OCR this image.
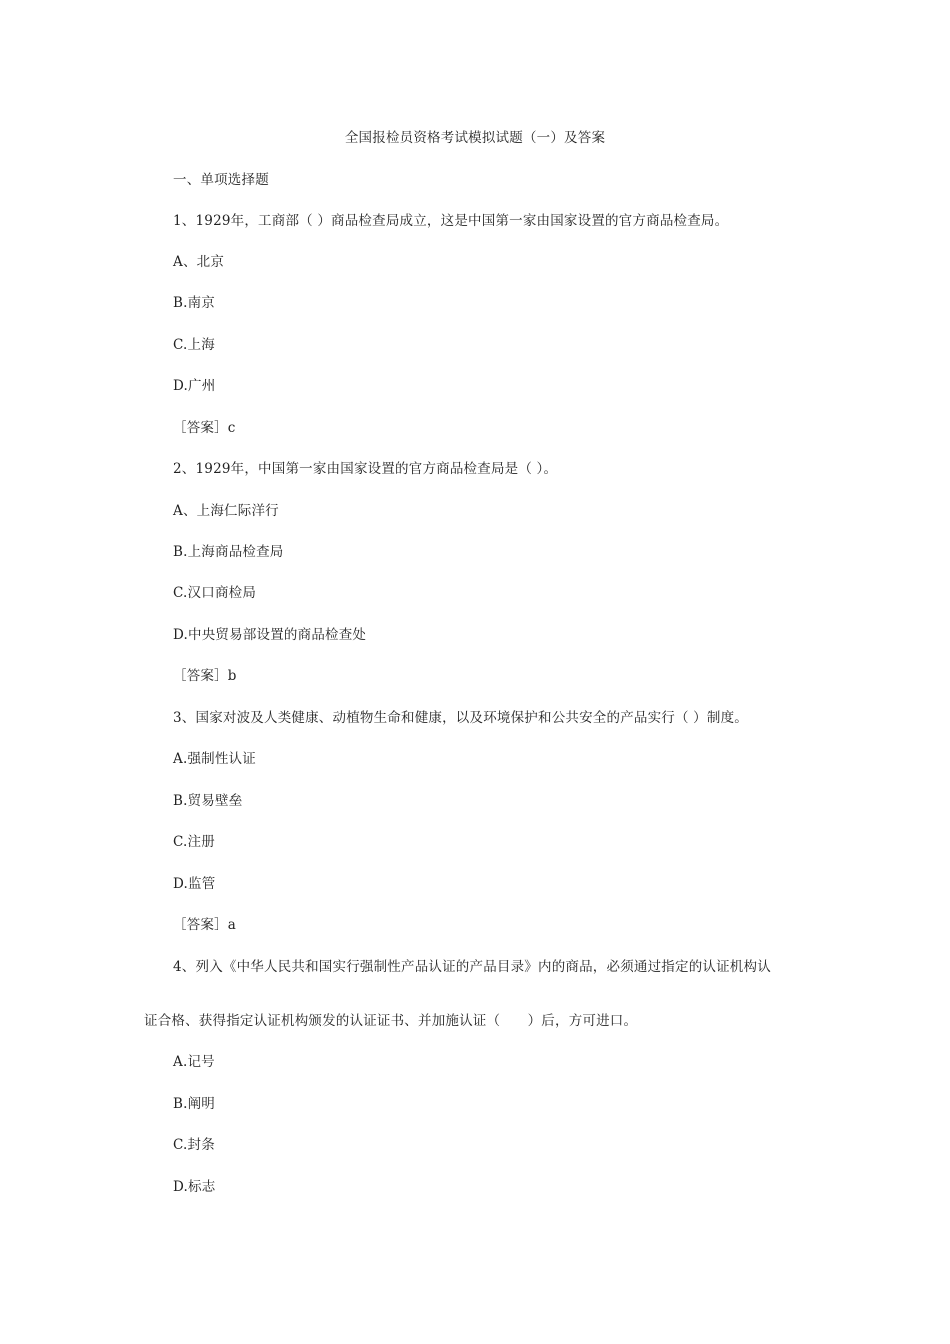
全国报检员资格考试模拟试题（一）及答案
一、单项选择题
1、1929年，工商部（ ）商品检查局成立，这是中国第一家由国家设置的官方商品检查局。
A、北京
B.南京
C.上海
D.广州
［答案］c
2、1929年，中国第一家由国家设置的官方商品检查局是（ ）。
A、上海仁际洋行
B.上海商品检查局
C.汉口商检局
D.中央贸易部设置的商品检查处
［答案］b
3、国家对波及人类健康、动植物生命和健康，以及环境保护和公共安全的产品实行（ ）制度。
A.强制性认证
B.贸易壁垒
C.注册
D.监管
［答案］a
4、列入《中华人民共和国实行强制性产品认证的产品目录》内的商品，必须通过指定的认证机构认
证合格、获得指定认证机构颁发的认证证书、并加施认证（　　）后，方可进口。
A.记号
B.阐明
C.封条
D.标志
